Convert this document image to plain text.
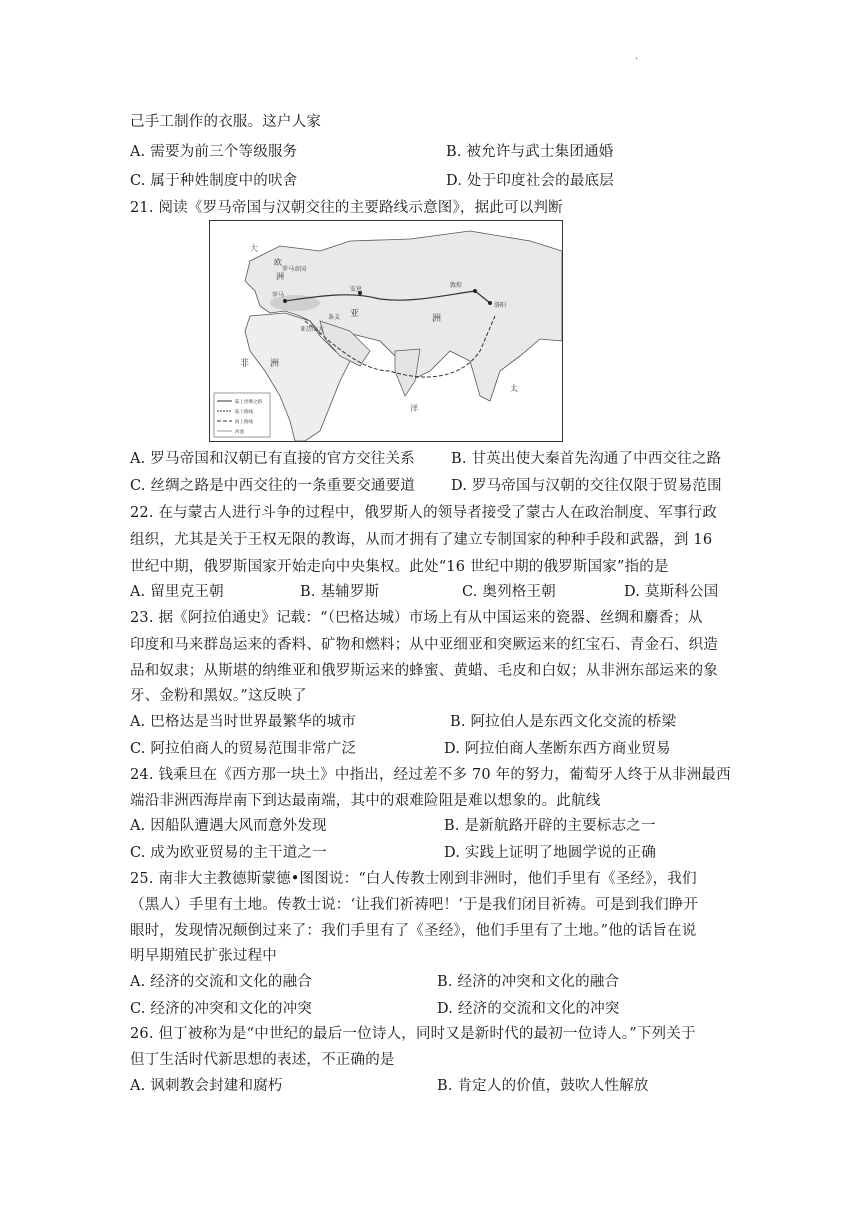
·
己手工制作的衣服。这户人家
A. 需要为前三个等级服务	B. 被允许与武士集团通婚
C. 属于种姓制度中的吠舍	D. 处于印度社会的最底层
21. 阅读《罗马帝国与汉朝交往的主要路线示意图》，据此可以判断
大
欧
洲
罗马帝国
罗马
亚	洲
非 洲
安息
敦煌
洛阳
亚历山大
条支
洋
太
陆上丝绸之路
陆上路线
海上路线
河流
A. 罗马帝国和汉朝已有直接的官方交往关系 B. 甘英出使大秦首先沟通了中西交往之路
C. 丝绸之路是中西交往的一条重要交通要道 D. 罗马帝国与汉朝的交往仅限于贸易范围
22. 在与蒙古人进行斗争的过程中，俄罗斯人的领导者接受了蒙古人在政治制度、军事行政
组织，尤其是关于王权无限的教诲，从而才拥有了建立专制国家的种种手段和武器，到 16
世纪中期，俄罗斯国家开始走向中央集权。此处“16 世纪中期的俄罗斯国家”指的是
A. 留里克王朝	B. 基辅罗斯	C. 奥列格王朝	D. 莫斯科公国
23. 据《阿拉伯通史》记载：“（巴格达城）市场上有从中国运来的瓷器、丝绸和麝香；从
印度和马来群岛运来的香料、矿物和燃料；从中亚细亚和突厥运来的红宝石、青金石、织造
品和奴隶；从斯堪的纳维亚和俄罗斯运来的蜂蜜、黄蜡、毛皮和白奴；从非洲东部运来的象
牙、金粉和黑奴。”这反映了
A. 巴格达是当时世界最繁华的城市	B. 阿拉伯人是东西文化交流的桥梁
C. 阿拉伯商人的贸易范围非常广泛	D. 阿拉伯商人垄断东西方商业贸易
24. 钱乘旦在《西方那一块土》中指出，经过差不多 70 年的努力，葡萄牙人终于从非洲最西
端沿非洲西海岸南下到达最南端，其中的艰难险阻是难以想象的。此航线
A. 因船队遭遇大风而意外发现	B. 是新航路开辟的主要标志之一
C. 成为欧亚贸易的主干道之一	D. 实践上证明了地圆学说的正确
25. 南非大主教德斯蒙德•图图说：“白人传教士刚到非洲时，他们手里有《圣经》，我们
（黑人）手里有土地。传教士说：‘让我们祈祷吧！’于是我们闭目祈祷。可是到我们睁开
眼时，发现情况颠倒过来了：我们手里有了《圣经》，他们手里有了土地。”他的话旨在说
明早期殖民扩张过程中
A. 经济的交流和文化的融合	B. 经济的冲突和文化的融合
C. 经济的冲突和文化的冲突	D. 经济的交流和文化的冲突
26. 但丁被称为是“中世纪的最后一位诗人，同时又是新时代的最初一位诗人。”下列关于
但丁生活时代新思想的表述，不正确的是
A. 讽刺教会封建和腐朽	B. 肯定人的价值，鼓吹人性解放
